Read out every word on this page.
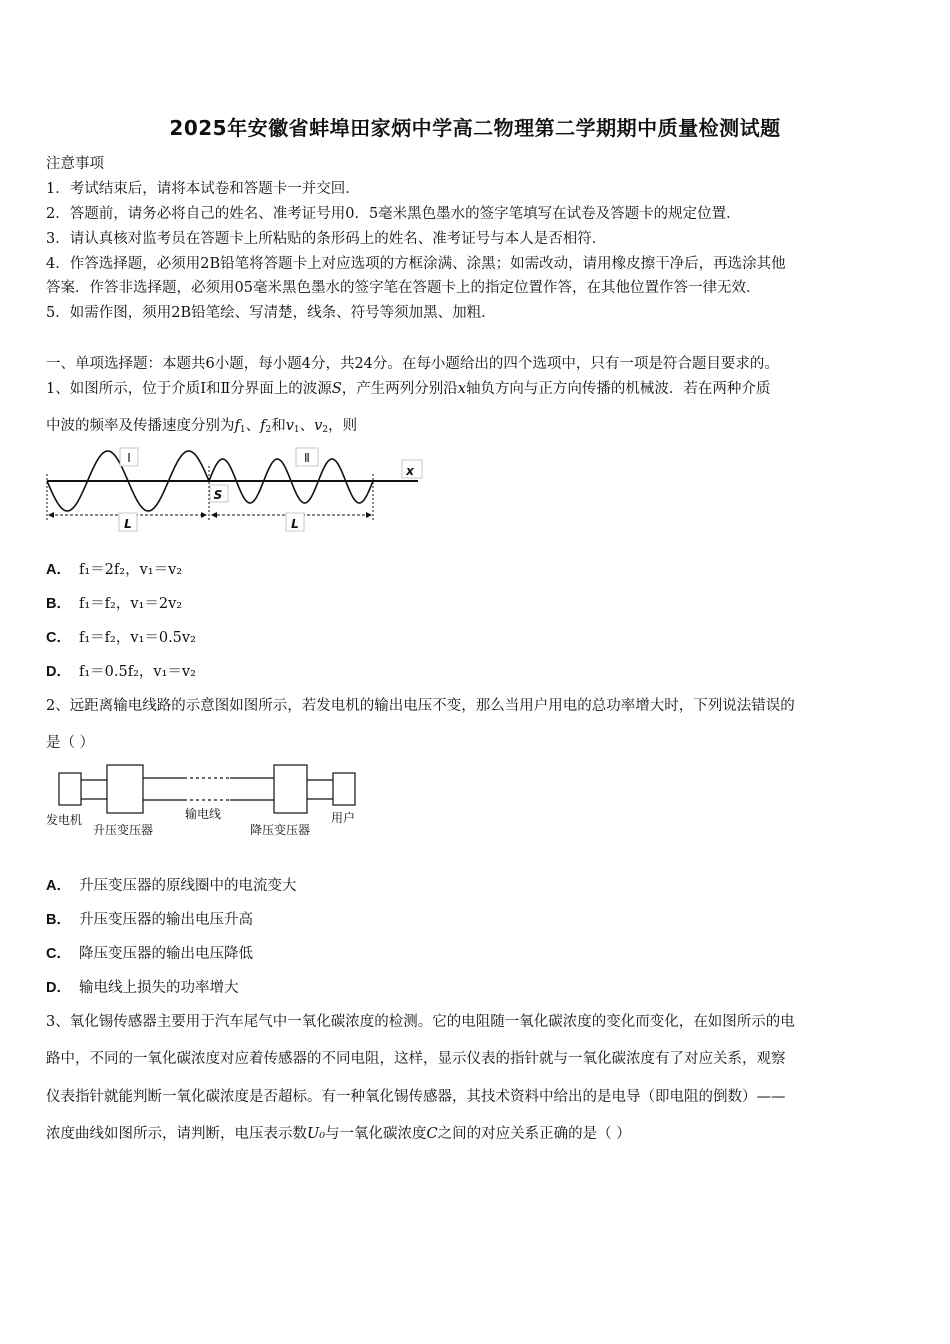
2025年安徽省蚌埠田家炳中学高二物理第二学期期中质量检测试题
注意事项
1．考试结束后，请将本试卷和答题卡一并交回．
2．答题前，请务必将自己的姓名、准考证号用0．5毫米黑色墨水的签字笔填写在试卷及答题卡的规定位置．
3．请认真核对监考员在答题卡上所粘贴的条形码上的姓名、准考证号与本人是否相符．
4．作答选择题，必须用2B铅笔将答题卡上对应选项的方框涂满、涂黑；如需改动，请用橡皮擦干净后，再选涂其他
答案．作答非选择题，必须用05毫米黑色墨水的签字笔在答题卡上的指定位置作答，在其他位置作答一律无效．
5．如需作图，须用2B铅笔绘、写清楚，线条、符号等须加黑、加粗．
一、单项选择题：本题共6小题，每小题4分，共24分。在每小题给出的四个选项中，只有一项是符合题目要求的。
1、如图所示，位于介质Ⅰ和Ⅱ分界面上的波源S，产生两列分别沿x轴负方向与正方向传播的机械波．若在两种介质
中波的频率及传播速度分别为$f_1$、$f_2$和$v_1$、$v_2$，则
Ⅰ	Ⅱ
x
S
L	L
A． f₁＝2f₂，v₁＝v₂
B． f₁＝f₂，v₁＝2v₂
C． f₁＝f₂，v₁＝0.5v₂
D． f₁＝0.5f₂，v₁＝v₂
2、远距离输电线路的示意图如图所示，若发电机的输出电压不变，那么当用户用电的总功率增大时，下列说法错误的
是（ ）
发电机
升压变压器
输电线
降压变压器
用户
A． 升压变压器的原线圈中的电流变大
B． 升压变压器的输出电压升高
C． 降压变压器的输出电压降低
D． 输电线上损失的功率增大
3、氧化锡传感器主要用于汽车尾气中一氧化碳浓度的检测。它的电阻随一氧化碳浓度的变化而变化，在如图所示的电
路中，不同的一氧化碳浓度对应着传感器的不同电阻，这样，显示仪表的指针就与一氧化碳浓度有了对应关系，观察
仪表指针就能判断一氧化碳浓度是否超标。有一种氧化锡传感器，其技术资料中给出的是电导（即电阻的倒数）——
浓度曲线如图所示，请判断，电压表示数U₀与一氧化碳浓度C之间的对应关系正确的是（ ）
